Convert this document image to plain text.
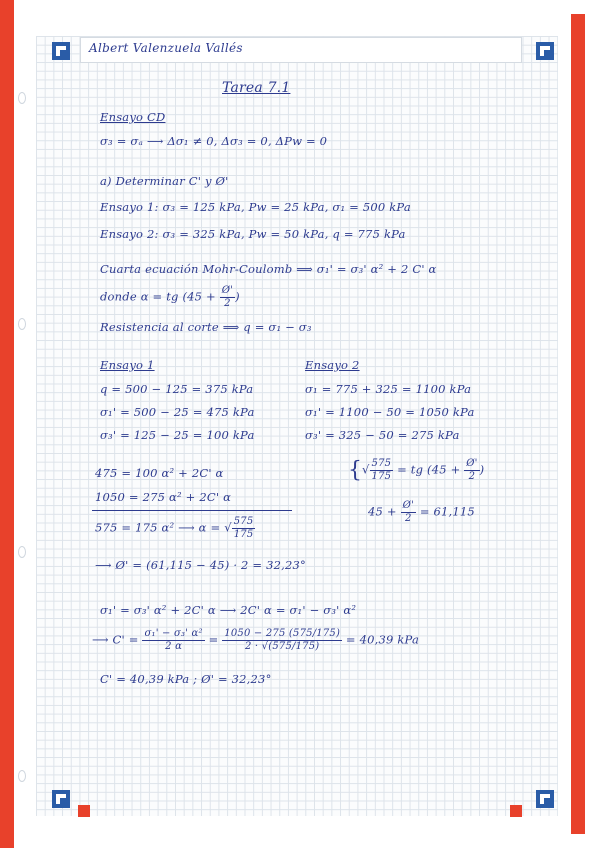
Albert Valenzuela Vallés
Tarea 7.1
Ensayo CD
σ₃ = σₐ ⟶ Δσ₁ ≠ 0, Δσ₃ = 0, ΔPw = 0
a) Determinar C' y Ø'
Ensayo 1: σ₃ = 125 kPa, Pw = 25 kPa, σ₁ = 500 kPa
Ensayo 2: σ₃ = 325 kPa, Pw = 50 kPa, q = 775 kPa
Cuarta ecuación Mohr-Coulomb ⟹ σ₁' = σ₃' α² + 2 C' α
donde α = tg ($45 + \frac{Ø'}{2}$ )
Resistencia al corte ⟹ q = σ₁ − σ₃
Ensayo 1
q = 500 − 125 = 375 kPa
σ₁' = 500 − 25 = 475 kPa
σ₃' = 125 − 25 = 100 kPa
Ensayo 2
σ₁ = 775 + 325 = 1100 kPa
σ₁' = 1100 − 50 = 1050 kPa
σ₃' = 325 − 50 = 275 kPa
475 = 100 α² + 2C' α
1050 = 275 α² + 2C' α
575 = 175 α² ⟶ α = √ $\frac{575}{175}$
{ √ $\frac{575}{175}$ = tg ($45 + \frac{Ø'}{2}$ )
$45 + \frac{Ø'}{2} = 61,115$
⟶ Ø' = (61,115 − 45) · 2 = 32,23°
σ₁' = σ₃' α² + 2C' α ⟶ 2C' α = σ₁' − σ₃' α²
⟶ $C' = \frac{\text{σ₁' − σ₃' α²}}{2 \alpha} = \frac{1050 - 275 (575/175)}{2 \cdot √(575/175)} = 40,39$ kPa
C' = 40,39 kPa ; Ø' = 32,23°
